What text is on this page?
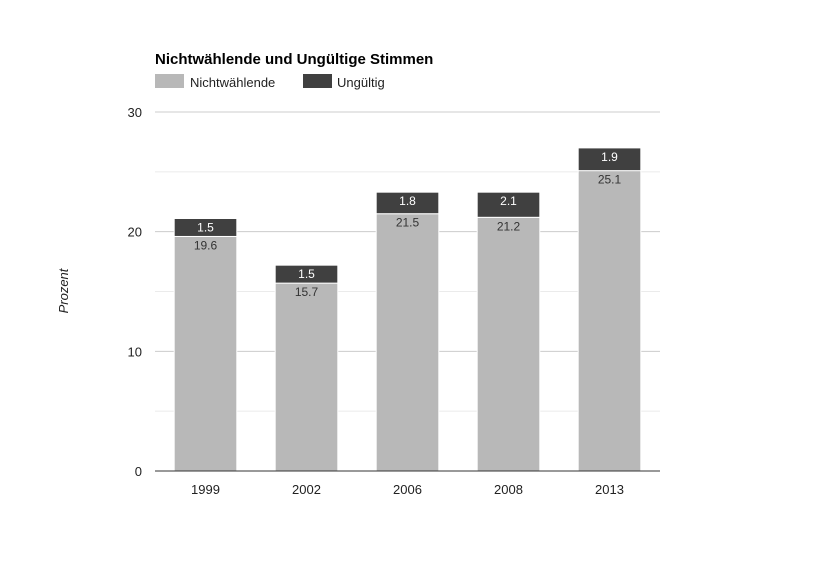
Nichtwählende und Ungültige Stimmen
Nichtwählende	Ungültig
Prozent
0
10
20
30
19.6
1.5
15.7
1.5
21.5
1.8
21.2
2.1
25.1
1.9
1999	2002	2006	2008	2013
